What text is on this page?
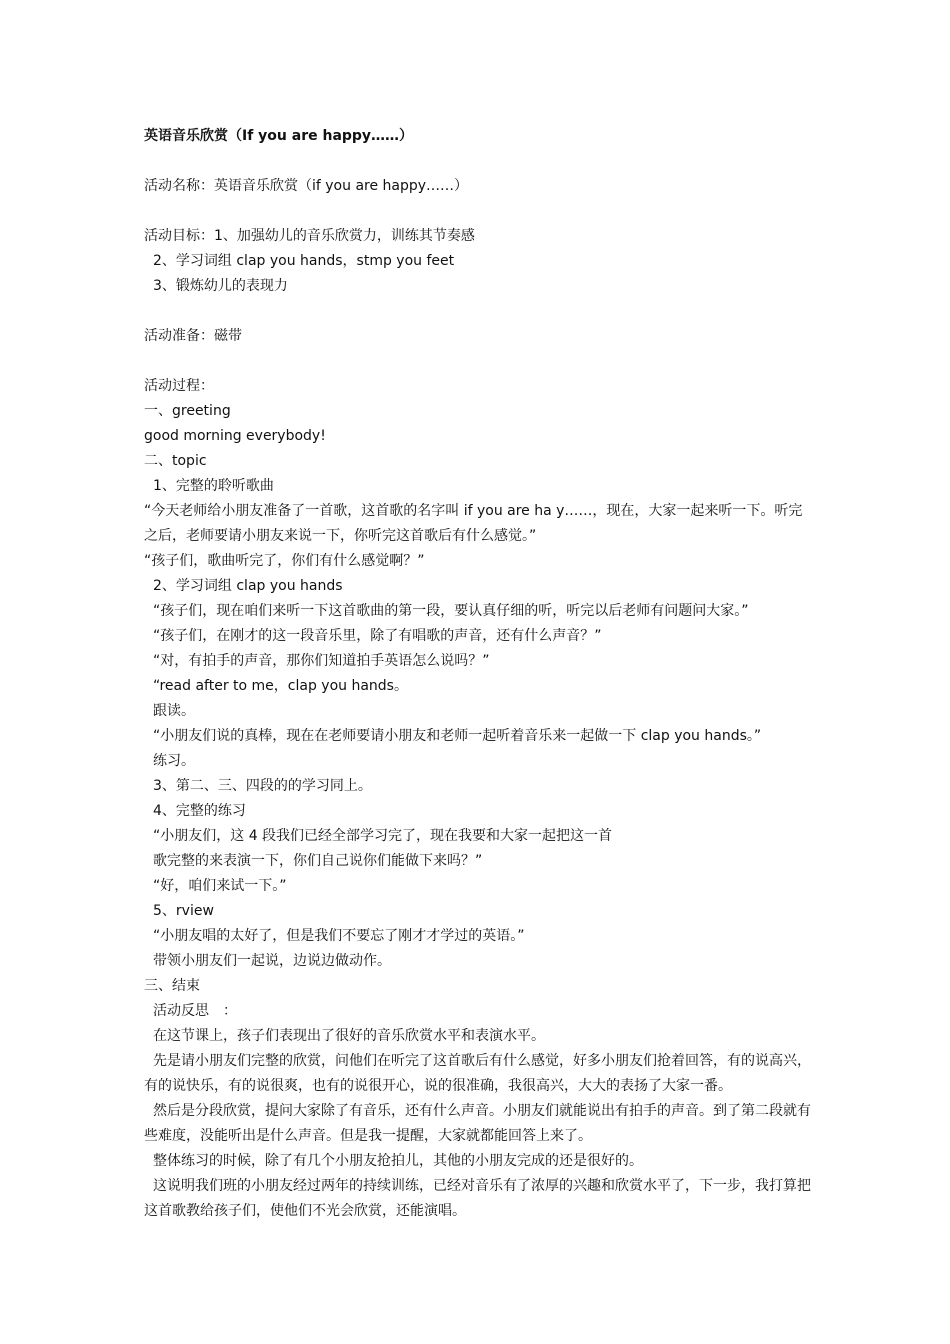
英语音乐欣赏（If you are happy……）
活动名称：英语音乐欣赏（if you are happy……）
活动目标：1、加强幼儿的音乐欣赏力，训练其节奏感
2、学习词组 clap you hands，stmp you feet
3、锻炼幼儿的表现力
活动准备：磁带
活动过程：
一、greeting
good morning everybody!
二、topic
1、完整的聆听歌曲
“今天老师给小朋友准备了一首歌，这首歌的名字叫 if you are ha y……，现在，大家一起来听一下。听完之后，老师要请小朋友来说一下，你听完这首歌后有什么感觉。”
“孩子们，歌曲听完了，你们有什么感觉啊？”
2、学习词组 clap you hands
“孩子们，现在咱们来听一下这首歌曲的第一段，要认真仔细的听，听完以后老师有问题问大家。”
“孩子们，在刚才的这一段音乐里，除了有唱歌的声音，还有什么声音？”
“对，有拍手的声音，那你们知道拍手英语怎么说吗？”
“read after to me，clap you hands。
跟读。
“小朋友们说的真棒，现在在老师要请小朋友和老师一起听着音乐来一起做一下 clap you hands。”
练习。
3、第二、三、四段的的学习同上。
4、完整的练习
“小朋友们，这 4 段我们已经全部学习完了，现在我要和大家一起把这一首
歌完整的来表演一下，你们自己说你们能做下来吗？”
“好，咱们来试一下。”
5、rview
“小朋友唱的太好了，但是我们不要忘了刚才才学过的英语。”
带领小朋友们一起说，边说边做动作。
三、结束
活动反思　：
在这节课上，孩子们表现出了很好的音乐欣赏水平和表演水平。
先是请小朋友们完整的欣赏，问他们在听完了这首歌后有什么感觉，好多小朋友们抢着回答，有的说高兴，有的说快乐，有的说很爽，也有的说很开心，说的很准确，我很高兴，大大的表扬了大家一番。
然后是分段欣赏，提问大家除了有音乐，还有什么声音。小朋友们就能说出有拍手的声音。到了第二段就有些难度，没能听出是什么声音。但是我一提醒，大家就都能回答上来了。
整体练习的时候，除了有几个小朋友抢拍儿，其他的小朋友完成的还是很好的。
这说明我们班的小朋友经过两年的持续训练，已经对音乐有了浓厚的兴趣和欣赏水平了，下一步，我打算把这首歌教给孩子们，使他们不光会欣赏，还能演唱。
